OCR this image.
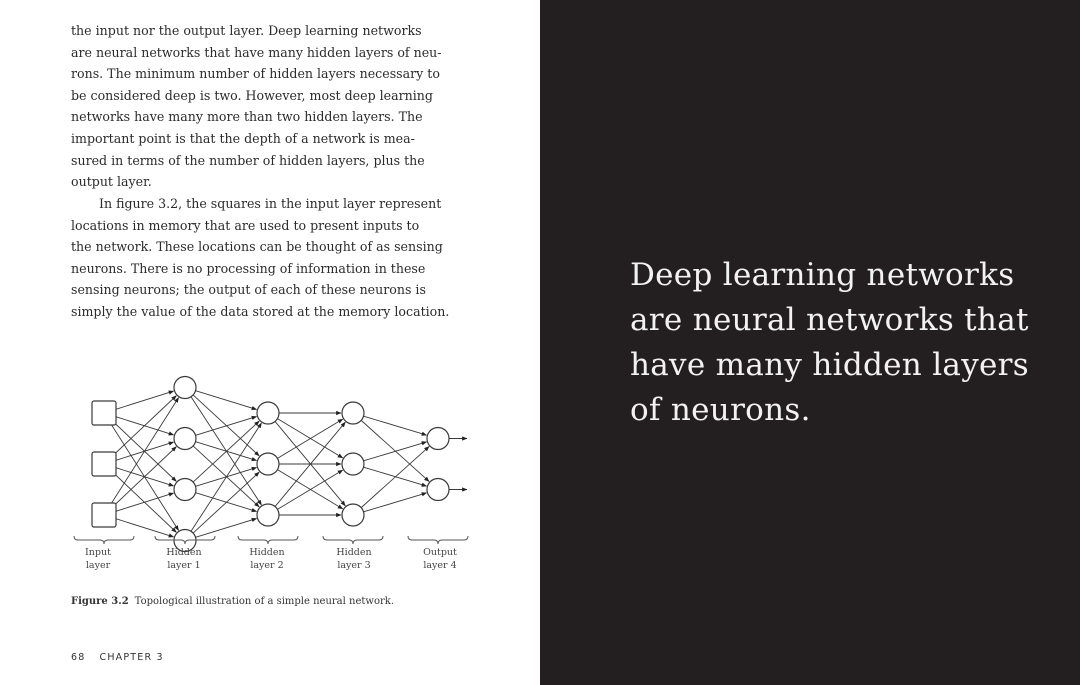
the input nor the output layer. Deep learning networks
are neural networks that have many hidden layers of neu-
rons. The minimum number of hidden layers necessary to
be considered deep is two. However, most deep learning
networks have many more than two hidden layers. The
important point is that the depth of a network is mea-
sured in terms of the number of hidden layers, plus the
output layer.

In figure 3.2, the squares in the input layer represent
locations in memory that are used to present inputs to
the network. These locations can be thought of as sensing
neurons. There is no processing of information in these
sensing neurons; the output of each of these neurons is
simply the value of the data stored at the memory location.

Input
layer
Hidden
layer 1
Hidden
layer 2
Hidden
layer 3
Output
layer 4

Figure 3.2 Topological illustration of a simple neural network.

68 CHAPTER 3

Deep learning networks
are neural networks that
have many hidden layers
of neurons.
